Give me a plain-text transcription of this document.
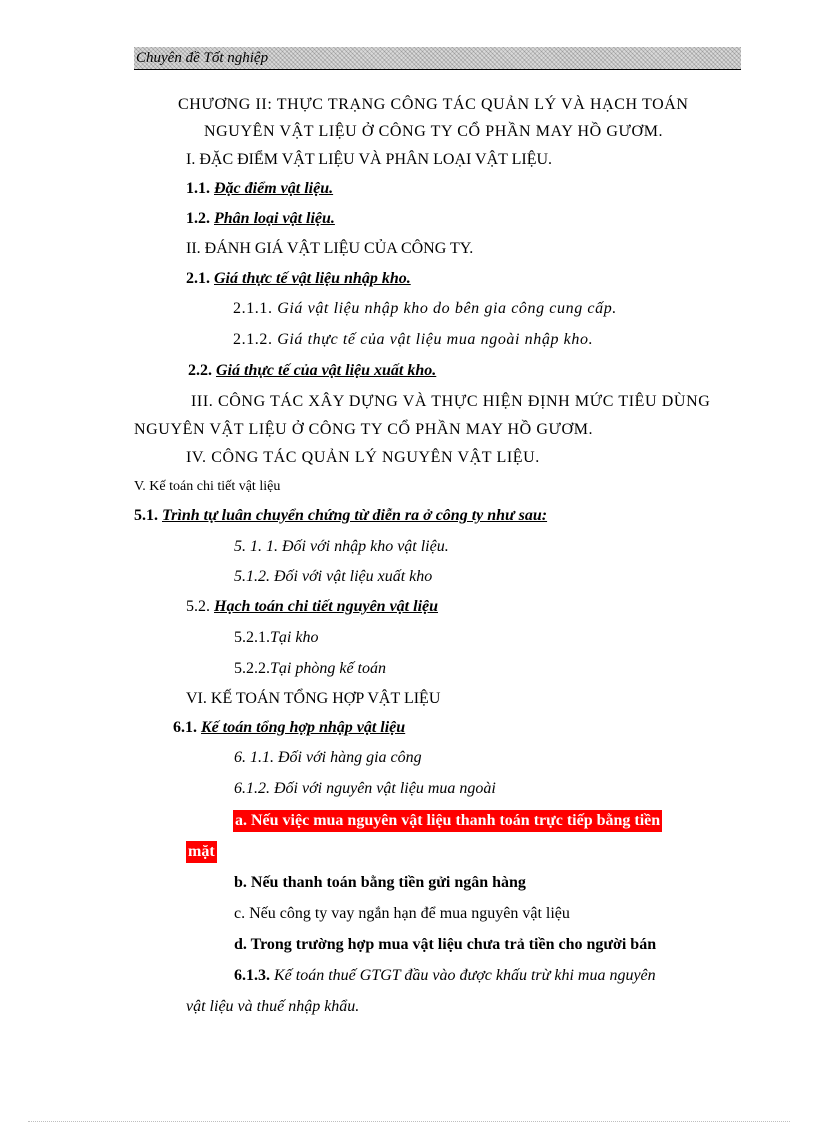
Chuyên đề Tốt nghiệp
CHƯƠNG II: THỰC TRẠNG CÔNG TÁC QUẢN LÝ VÀ HẠCH TOÁN
NGUYÊN VẬT LIỆU Ở CÔNG TY CỔ PHẦN MAY HỒ GƯƠM.
I. ĐẶC ĐIỂM VẬT LIỆU VÀ PHÂN LOẠI VẬT LIỆU.
1.1. Đặc điểm vật liệu.
1.2. Phân loại vật liệu.
II. ĐÁNH GIÁ VẬT LIỆU CỦA CÔNG TY.
2.1. Giá thực tế vật liệu nhập kho.
2.1.1. Giá vật liệu nhập kho do bên gia công cung cấp.
2.1.2. Giá thực tế của vật liệu mua ngoài nhập kho.
2.2. Giá thực tế của vật liệu xuất kho.
III. CÔNG TÁC XÂY DỰNG VÀ THỰC HIỆN ĐỊNH MỨC TIÊU DÙNG
NGUYÊN VẬT LIỆU Ở CÔNG TY CỔ PHẦN MAY HỒ GƯƠM.
IV. CÔNG TÁC QUẢN LÝ NGUYÊN VẬT LIỆU.
V. Kế toán chi tiết vật liệu
5.1. Trình tự luân chuyển chứng từ diễn ra ở công ty như sau:
5. 1. 1. Đối với nhập kho vật liệu.
5.1.2. Đối với vật liệu xuất kho
5.2. Hạch toán chi tiết nguyên vật liệu
5.2.1.Tại kho
5.2.2.Tại phòng kế toán
VI. KẾ TOÁN TỔNG HỢP VẬT LIỆU
6.1. Kế toán tổng hợp nhập vật liệu
6. 1.1. Đối với hàng gia công
6.1.2. Đối với nguyên vật liệu mua ngoài
a. Nếu việc mua nguyên vật liệu thanh toán trực tiếp bằng tiền
mặt
b. Nếu thanh toán bằng tiền gửi ngân hàng
c. Nếu công ty vay ngắn hạn để mua nguyên vật liệu
d. Trong trường hợp mua vật liệu chưa trả tiền cho người bán
6.1.3. Kế toán thuế GTGT đầu vào được khấu trừ khi mua nguyên
vật liệu và thuế nhập khẩu.
